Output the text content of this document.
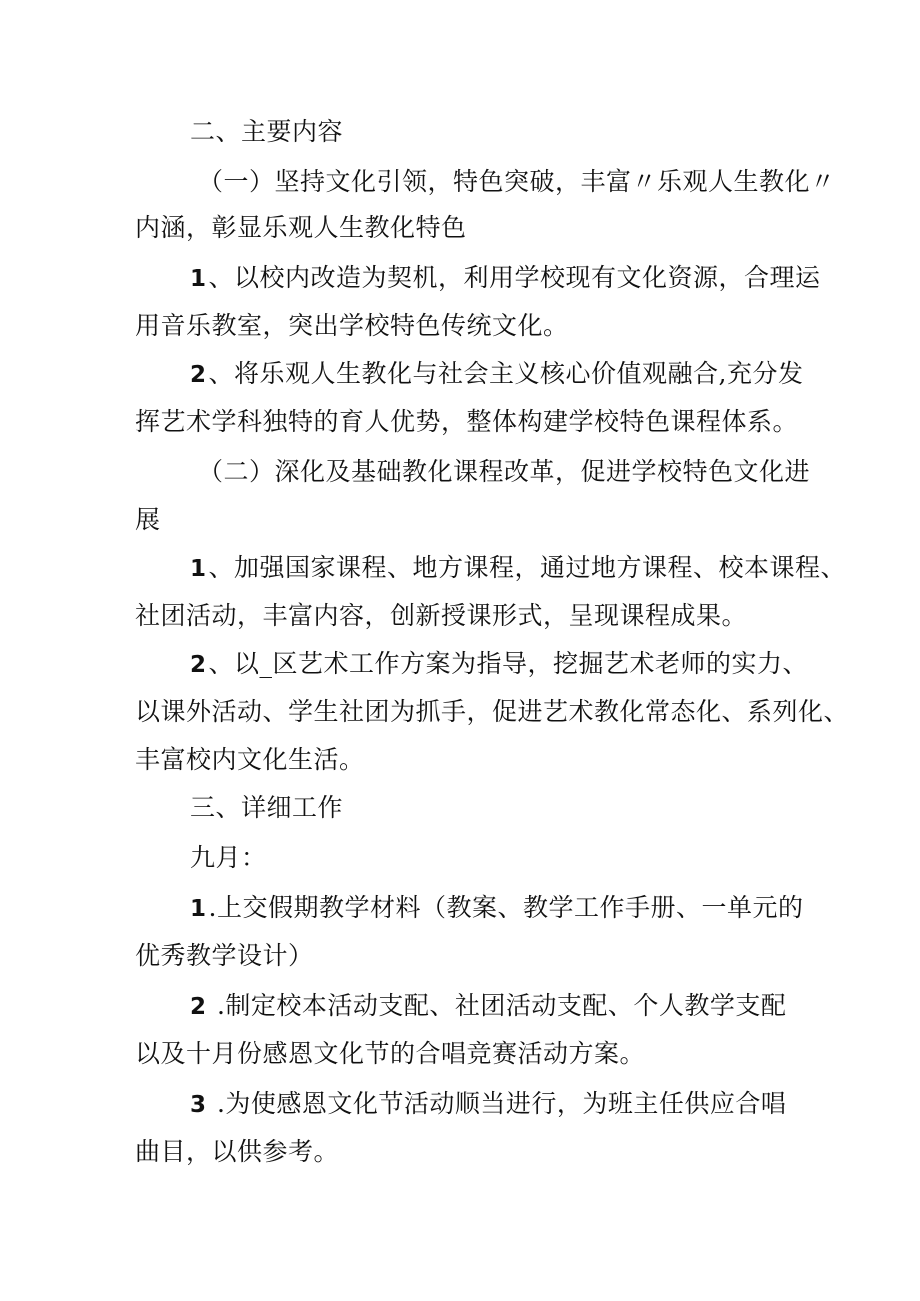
二、主要内容
（一）坚持文化引领，特色突破，丰富〃乐观人生教化〃
内涵，彰显乐观人生教化特色
1、以校内改造为契机，利用学校现有文化资源，合理运
用音乐教室，突出学校特色传统文化。
2、将乐观人生教化与社会主义核心价值观融合,充分发
挥艺术学科独特的育人优势，整体构建学校特色课程体系。
（二）深化及基础教化课程改革，促进学校特色文化进
展
1、加强国家课程、地方课程，通过地方课程、校本课程、
社团活动，丰富内容，创新授课形式，呈现课程成果。
2、以_区艺术工作方案为指导，挖掘艺术老师的实力、
以课外活动、学生社团为抓手，促进艺术教化常态化、系列化、
丰富校内文化生活。
三、详细工作
九月：
1.上交假期教学材料（教案、教学工作手册、一单元的
优秀教学设计）
2 .制定校本活动支配、社团活动支配、个人教学支配
以及十月份感恩文化节的合唱竞赛活动方案。
3 .为使感恩文化节活动顺当进行，为班主任供应合唱
曲目，以供参考。
